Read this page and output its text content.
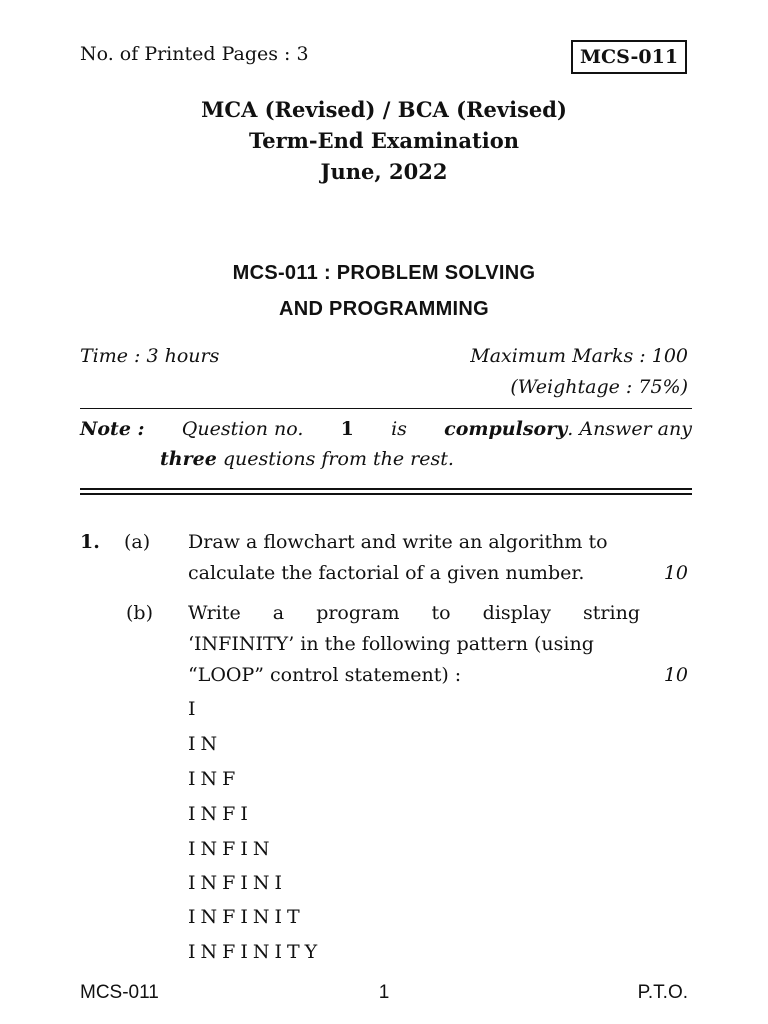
No. of Printed Pages : 3	MCS-011
MCA (Revised) / BCA (Revised)
Term-End Examination
June, 2022
MCS-011 : PROBLEM SOLVING
AND PROGRAMMING
Time : 3 hours	Maximum Marks : 100
(Weightage : 75%)
Note : Question no. 1 is compulsory. Answer any
three questions from the rest.
1. (a) Draw a flowchart and write an algorithm to
calculate the factorial of a given number.	10
(b) Write a program to display string
‘INFINITY’ in the following pattern (using
“LOOP” control statement) :	10
I
IN
INF
INFI
INFIN
INFINI
INFINIT
INFINITY
MCS-011	1	P.T.O.
